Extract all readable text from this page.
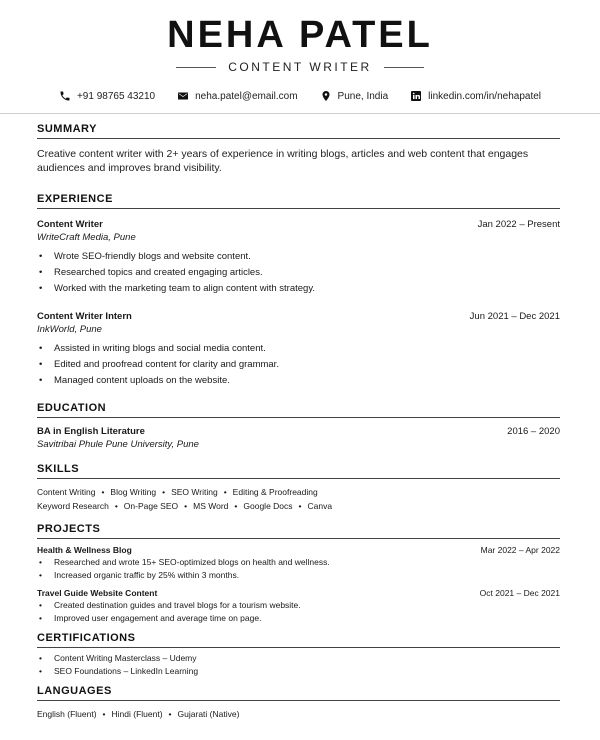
NEHA PATEL
CONTENT WRITER
+91 98765 43210	neha.patel@email.com	Pune, India	linkedin.com/in/nehapatel
SUMMARY
Creative content writer with 2+ years of experience in writing blogs, articles and web content that engages audiences and improves brand visibility.
EXPERIENCE
Content Writer	Jan 2022 – Present
WriteCraft Media, Pune
• Wrote SEO-friendly blogs and website content.
• Researched topics and created engaging articles.
• Worked with the marketing team to align content with strategy.
Content Writer Intern	Jun 2021 – Dec 2021
InkWorld, Pune
• Assisted in writing blogs and social media content.
• Edited and proofread content for clarity and grammar.
• Managed content uploads on the website.
EDUCATION
BA in English Literature	2016 – 2020
Savitribai Phule Pune University, Pune
SKILLS
Content Writing • Blog Writing • SEO Writing • Editing & Proofreading
Keyword Research • On-Page SEO • MS Word • Google Docs • Canva
PROJECTS
Health & Wellness Blog	Mar 2022 – Apr 2022
• Researched and wrote 15+ SEO-optimized blogs on health and wellness.
• Increased organic traffic by 25% within 3 months.
Travel Guide Website Content	Oct 2021 – Dec 2021
• Created destination guides and travel blogs for a tourism website.
• Improved user engagement and average time on page.
CERTIFICATIONS
• Content Writing Masterclass – Udemy
• SEO Foundations – LinkedIn Learning
LANGUAGES
English (Fluent) • Hindi (Fluent) • Gujarati (Native)
